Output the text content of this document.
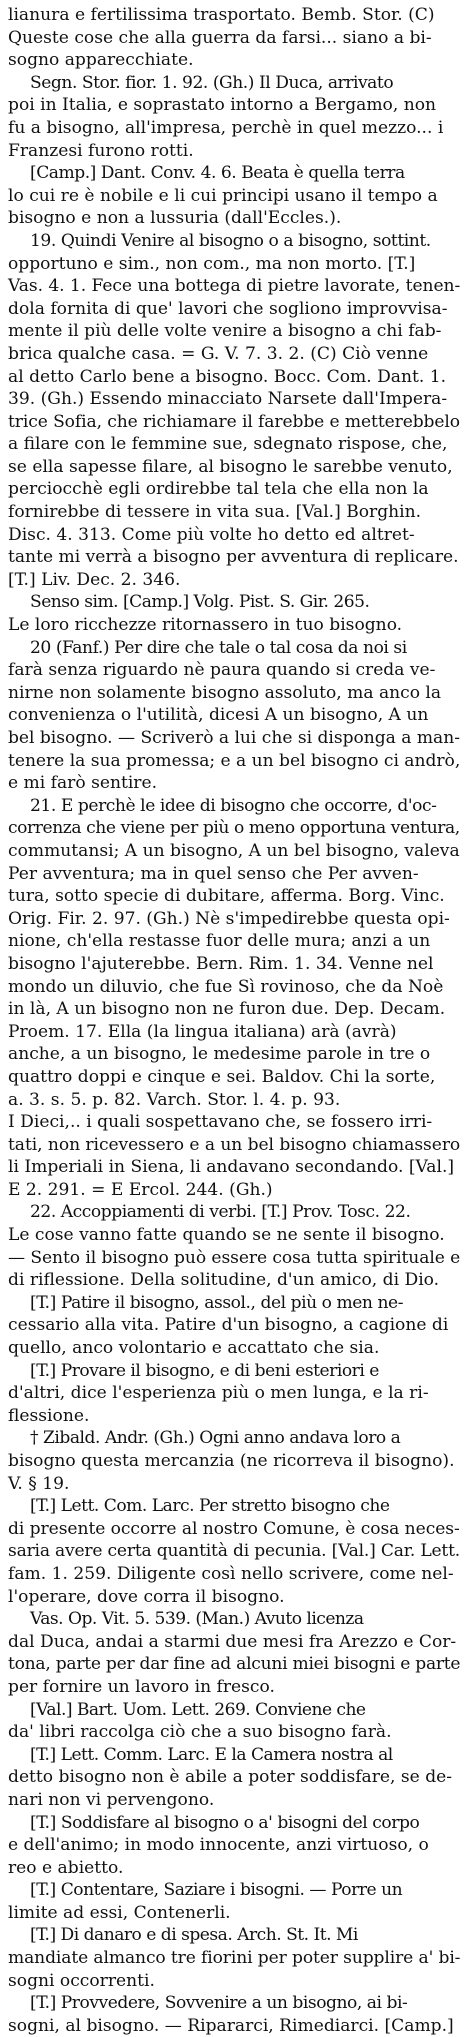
lianura e fertilissima trasportato. Bemb. Stor. (C)
Queste cose che alla guerra da farsi... siano a bi-
sogno apparecchiate.
Segn. Stor. fior. 1. 92. (Gh.) Il Duca, arrivato
poi in Italia, e soprastato intorno a Bergamo, non
fu a bisogno, all'impresa, perchè in quel mezzo... i
Franzesi furono rotti.
[Camp.] Dant. Conv. 4. 6. Beata è quella terra
lo cui re è nobile e li cui principi usano il tempo a
bisogno e non a lussuria (dall'Eccles.).
19. Quindi Venire al bisogno o a bisogno, sottint.
opportuno e sim., non com., ma non morto. [T.]
Vas. 4. 1. Fece una bottega di pietre lavorate, tenen-
dola fornita di que' lavori che sogliono improvvisa-
mente il più delle volte venire a bisogno a chi fab-
brica qualche casa. = G. V. 7. 3. 2. (C) Ciò venne
al detto Carlo bene a bisogno. Bocc. Com. Dant. 1.
39. (Gh.) Essendo minacciato Narsete dall'Impera-
trice Sofia, che richiamare il farebbe e metterebbelo
a filare con le femmine sue, sdegnato rispose, che,
se ella sapesse filare, al bisogno le sarebbe venuto,
perciocchè egli ordirebbe tal tela che ella non la
fornirebbe di tessere in vita sua. [Val.] Borghin.
Disc. 4. 313. Come più volte ho detto ed altret-
tante mi verrà a bisogno per avventura di replicare.
[T.] Liv. Dec. 2. 346.
Senso sim. [Camp.] Volg. Pist. S. Gir. 265.
Le loro ricchezze ritornassero in tuo bisogno.
20 (Fanf.) Per dire che tale o tal cosa da noi si
farà senza riguardo nè paura quando si creda ve-
nirne non solamente bisogno assoluto, ma anco la
convenienza o l'utilità, dicesi A un bisogno, A un
bel bisogno. — Scriverò a lui che si disponga a man-
tenere la sua promessa; e a un bel bisogno ci andrò,
e mi farò sentire.
21. E perchè le idee di bisogno che occorre, d'oc-
correnza che viene per più o meno opportuna ventura,
commutansi; A un bisogno, A un bel bisogno, valeva
Per avventura; ma in quel senso che Per avven-
tura, sotto specie di dubitare, afferma. Borg. Vinc.
Orig. Fir. 2. 97. (Gh.) Nè s'impedirebbe questa opi-
nione, ch'ella restasse fuor delle mura; anzi a un
bisogno l'ajuterebbe. Bern. Rim. 1. 34. Venne nel
mondo un diluvio, che fue Sì rovinoso, che da Noè
in là, A un bisogno non ne furon due. Dep. Decam.
Proem. 17. Ella (la lingua italiana) arà (avrà)
anche, a un bisogno, le medesime parole in tre o
quattro doppi e cinque e sei. Baldov. Chi la sorte,
a. 3. s. 5. p. 82. Varch. Stor. l. 4. p. 93.
I Dieci,.. i quali sospettavano che, se fossero irri-
tati, non ricevessero e a un bel bisogno chiamassero
li Imperiali in Siena, li andavano secondando. [Val.]
E 2. 291. = E Ercol. 244. (Gh.)
22. Accoppiamenti di verbi. [T.] Prov. Tosc. 22.
Le cose vanno fatte quando se ne sente il bisogno.
— Sento il bisogno può essere cosa tutta spirituale e
di riflessione. Della solitudine, d'un amico, di Dio.
[T.] Patire il bisogno, assol., del più o men ne-
cessario alla vita. Patire d'un bisogno, a cagione di
quello, anco volontario e accattato che sia.
[T.] Provare il bisogno, e di beni esteriori e
d'altri, dice l'esperienza più o men lunga, e la ri-
flessione.
† Zibald. Andr. (Gh.) Ogni anno andava loro a
bisogno questa mercanzia (ne ricorreva il bisogno).
V. § 19.
[T.] Lett. Com. Larc. Per stretto bisogno che
di presente occorre al nostro Comune, è cosa neces-
saria avere certa quantità di pecunia. [Val.] Car. Lett.
fam. 1. 259. Diligente così nello scrivere, come nel-
l'operare, dove corra il bisogno.
Vas. Op. Vit. 5. 539. (Man.) Avuto licenza
dal Duca, andai a starmi due mesi fra Arezzo e Cor-
tona, parte per dar fine ad alcuni miei bisogni e parte
per fornire un lavoro in fresco.
[Val.] Bart. Uom. Lett. 269. Conviene che
da' libri raccolga ciò che a suo bisogno farà.
[T.] Lett. Comm. Larc. E la Camera nostra al
detto bisogno non è abile a poter soddisfare, se de-
nari non vi pervengono.
[T.] Soddisfare al bisogno o a' bisogni del corpo
e dell'animo; in modo innocente, anzi virtuoso, o
reo e abietto.
[T.] Contentare, Saziare i bisogni. — Porre un
limite ad essi, Contenerli.
[T.] Di danaro e di spesa. Arch. St. It. Mi
mandiate almanco tre fiorini per poter supplire a' bi-
sogni occorrenti.
[T.] Provvedere, Sovvenire a un bisogno, ai bi-
sogni, al bisogno. — Ripararci, Rimediarci. [Camp.]
